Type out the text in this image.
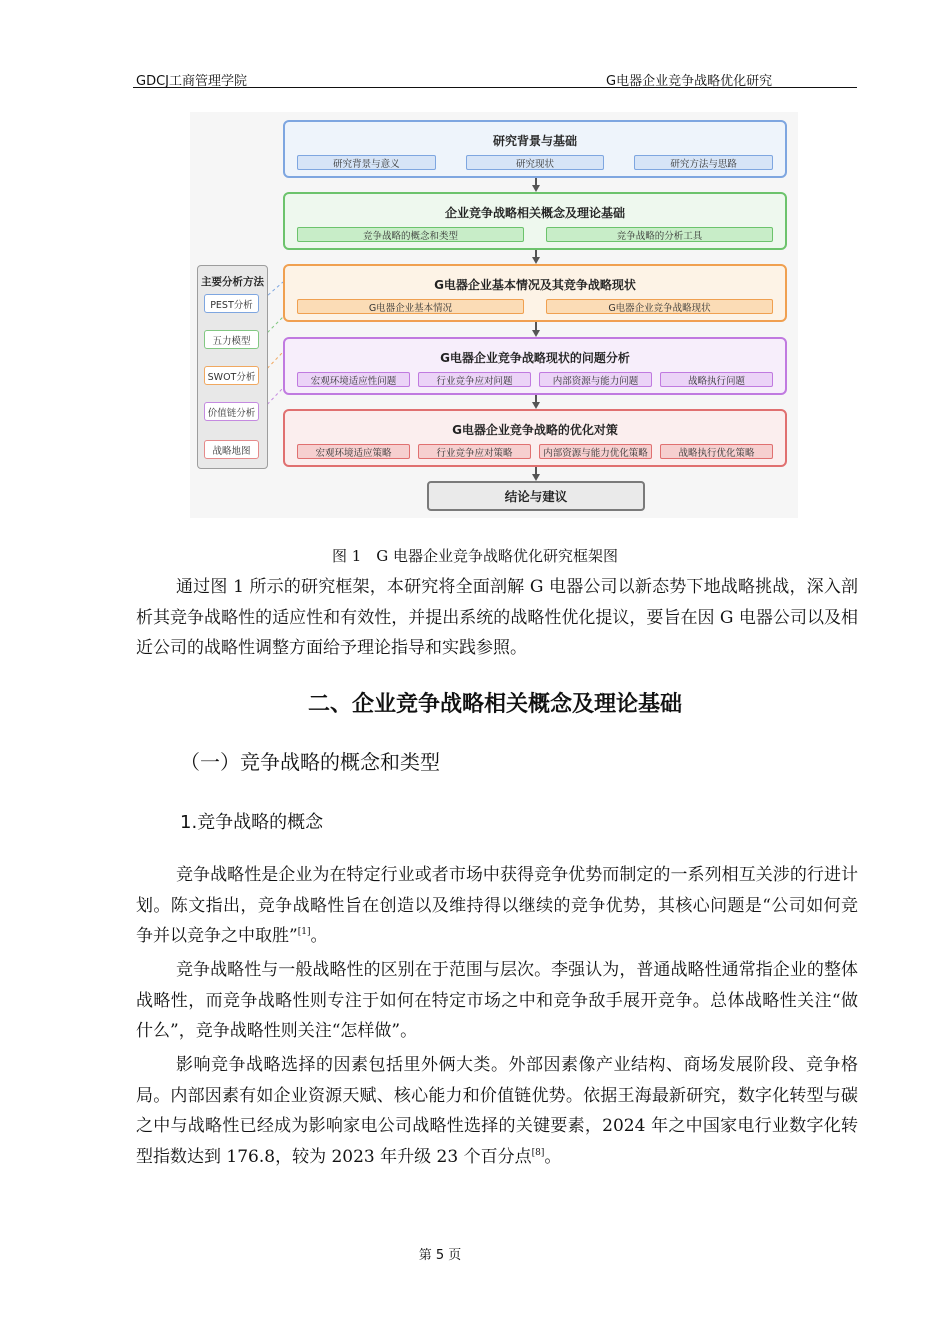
GDCJ工商管理学院	G电器企业竞争战略优化研究
主要分析方法
PEST分析
五力模型
SWOT分析
价值链分析
战略地图
研究背景与基础
研究背景与意义	研究现状	研究方法与思路
企业竞争战略相关概念及理论基础
竞争战略的概念和类型	竞争战略的分析工具
G电器企业基本情况及其竞争战略现状
G电器企业基本情况	G电器企业竞争战略现状
G电器企业竞争战略现状的问题分析
宏观环境适应性问题	行业竞争应对问题	内部资源与能力问题	战略执行问题
G电器企业竞争战略的优化对策
宏观环境适应策略	行业竞争应对策略	内部资源与能力优化策略	战略执行优化策略
结论与建议
图 1　G 电器企业竞争战略优化研究框架图
通过图 1 所示的研究框架，本研究将全面剖解 G 电器公司以新态势下地战略挑战，深入剖析其竞争战略性的适应性和有效性，并提出系统的战略性优化提议，要旨在因 G 电器公司以及相近公司的战略性调整方面给予理论指导和实践参照。
二、企业竞争战略相关概念及理论基础
（一）竞争战略的概念和类型
1.竞争战略的概念
竞争战略性是企业为在特定行业或者市场中获得竞争优势而制定的一系列相互关涉的行进计划。陈文指出，竞争战略性旨在创造以及维持得以继续的竞争优势，其核心问题是“公司如何竞争并以竞争之中取胜”[1]。
竞争战略性与一般战略性的区别在于范围与层次。李强认为，普通战略性通常指企业的整体战略性，而竞争战略性则专注于如何在特定市场之中和竞争敌手展开竞争。总体战略性关注“做什么”，竞争战略性则关注“怎样做”。
影响竞争战略选择的因素包括里外俩大类。外部因素像产业结构、商场发展阶段、竞争格局。内部因素有如企业资源天赋、核心能力和价值链优势。依据王海最新研究，数字化转型与碳之中与战略性已经成为影响家电公司战略性选择的关键要素，2024 年之中国家电行业数字化转型指数达到 176.8，较为 2023 年升级 23 个百分点[8]。
第 5 页
